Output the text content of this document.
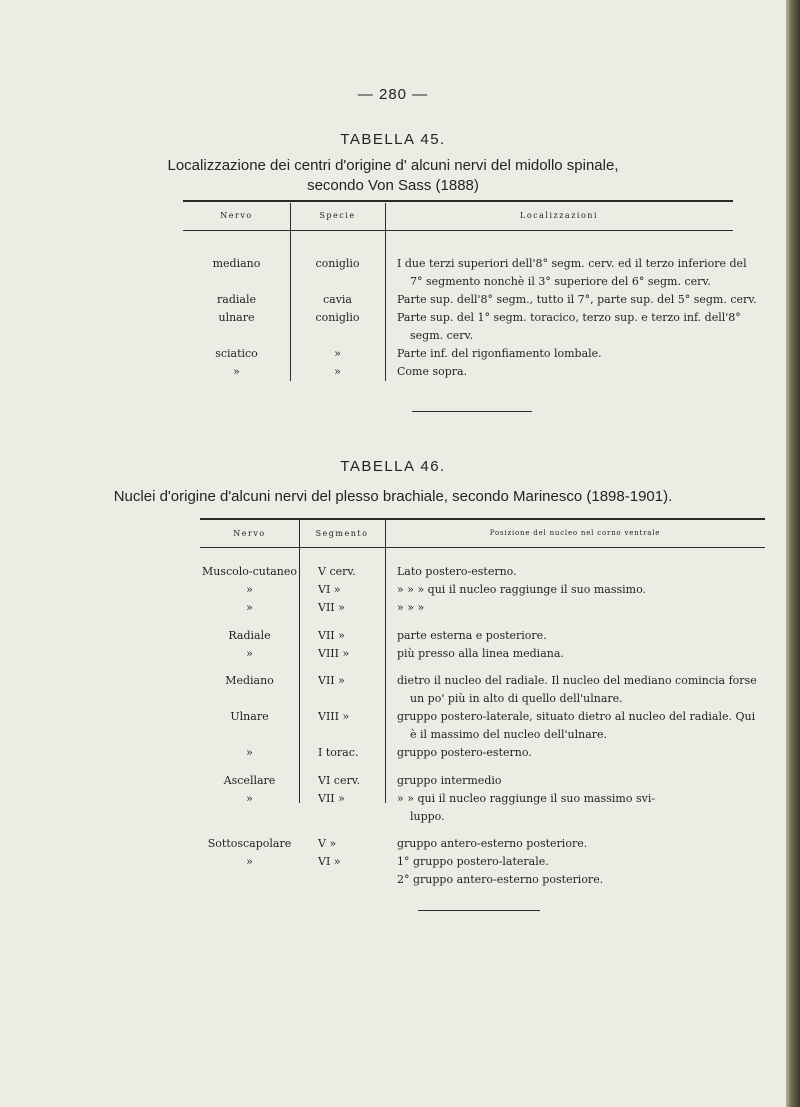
— 280 —
TABELLA 45.
Localizzazione dei centri d'origine d' alcuni nervi del midollo spinale,
secondo Von Sass (1888)
Nervo	Specie	Localizzazioni
mediano	coniglio	I due terzi superiori dell'8° segm. cerv. ed il terzo inferiore del
7° segmento nonchè il 3° superiore del 6° segm. cerv.
radiale	cavia	Parte sup. dell'8° segm., tutto il 7°, parte sup. del 5° segm. cerv.
ulnare	coniglio	Parte sup. del 1° segm. toracico, terzo sup. e terzo inf. dell'8°
segm. cerv.
sciatico	»	Parte inf. del rigonfiamento lombale.
»	»	Come sopra.
TABELLA 46.
Nuclei d'origine d'alcuni nervi del plesso brachiale, secondo Marinesco (1898-1901).
Nervo	Segmento	Posizione del nucleo nel corno ventrale
Muscolo-cutaneo	V cerv.	Lato postero-esterno.
»	VI »	» » » qui il nucleo raggiunge il suo massimo.
»	VII »	» » »
Radiale	VII »	parte esterna e posteriore.
»	VIII »	più presso alla linea mediana.
Mediano	VII »	dietro il nucleo del radiale. Il nucleo del mediano comincia forse
un po' più in alto di quello dell'ulnare.
Ulnare	VIII »	gruppo postero-laterale, situato dietro al nucleo del radiale. Qui
è il massimo del nucleo dell'ulnare.
»	I torac.	gruppo postero-esterno.
Ascellare	VI cerv.	gruppo intermedio
»	VII »	» » qui il nucleo raggiunge il suo massimo svi-
luppo.
Sottoscapolare	V »	gruppo antero-esterno posteriore.
»	VI »	1° gruppo postero-laterale.
2° gruppo antero-esterno posteriore.
